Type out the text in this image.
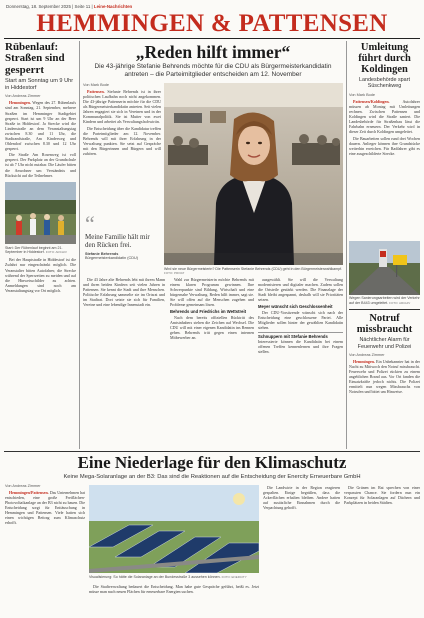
Donnerstag, 18. September 2025 | Seite 11 | Leine-Nachrichten
HEMMINGEN & PATTENSEN
Rübenlauf: Straßen sind gesperrt
Start am Sonntag um 9 Uhr in Hiddestorf
Von Andreas Zimmer

Hemmingen. Wegen des 27. Rübenlaufs sind am Sonntag, 21. September, mehrere Straßen im Hemminger Stadtgebiet gesperrt. Start ist um 9 Uhr an der Beer Straße in Hiddestorf. Ja Strecke wird die Lindenstraße an dem Veranstaltungstag zwischen 8.30 und 11 Uhr, die Stadtrandstraße, Am Kinderweg und Ohlendorf zwischen 8.30 und 12 Uhr gesperrt.

Die Straße Am Rosenweg ist voll gesperrt. Der Parkplatz an der Grundschule ist ab 7 Uhr nicht nutzbar. Die Läufer bitten die Anwohner um Verständnis und Rücksicht auf die Teilnehmer.

Start: Der Rübenlauf beginnt am 21. September in Hiddestorf. FOTO: ARCHIV

Bei der Hauptstraße in Hiddestorf ist die Zufahrt nur eingeschränkt möglich. Die Veranstalter bitten Autofahrer, die Strecke während der Sperrzeiten zu meiden und auf die Hinweisschilder zu achten. Anmeldungen sind noch am Veranstaltungstag vor Ort möglich.

„Reden hilft immer“
Die 43-jährige Stefanie Behrends möchte für die CDU als Bürgermeisterkandidatin antreten – die Parteimitglieder entscheiden am 12. November
Von Mark Bode

Pattensen. Stefanie Behrends ist in ihrer politischen Laufbahn noch nicht angekommen. Die 43-jährige Pattenserin möchte für die CDU als Bürgermeisterkandidatin antreten. Seit vielen Jahren engagiert sie sich in Vereinen und in der Kommunalpolitik. Sie ist Mutter von zwei Kindern und arbeitet als Verwaltungsfachwirtin.

Die Entscheidung über die Kandidatur treffen die Parteimitglieder am 12. November. Behrends will mit ihrer Erfahrung in der Verwaltung punkten. Sie setzt auf Gespräche mit den Bürgerinnen und Bürgern und will zuhören.

“
Meine Familie hält mir den Rücken frei.
Stefanie Behrends
Bürgermeisterkandidatin (CDU)
Wird sie neue Bürgermeisterin? Die Pattenserin Stefanie Behrends (CDU) geht in den Bürgermeisterwahlkampf. FOTO: PRIVAT

Die 43 Jahre alte Behrends lebt mit ihrem Mann und ihren beiden Kindern seit vielen Jahren in Pattensen. Sie kennt die Stadt und ihre Menschen. Politische Erfahrung sammelte sie im Ortsrat und im Stadtrat. Dort setzte sie sich für Familien, Vereine und eine lebendige Innenstadt ein.

Wahl zur Bürgermeisterin möchte Behrends mit einem klaren Programm gewinnen. Ihre Schwerpunkte sind Bildung, Wirtschaft und eine bürgernahe Verwaltung. Reden hilft immer, sagt sie. Sie will offen auf die Menschen zugehen und Probleme gemeinsam lösen.

Behrends und Friedrichs im Wettstreit

Nach dem bereits offiziellen Rücktritt des Amtsinhabers stehen die Zeichen auf Wechsel. Die CDU will mit einer eigenen Kandidatin ins Rennen gehen. Behrends tritt gegen einen internen Mitbewerber an.

ausgewählt. Sie will die Verwaltung modernisieren und digitaler machen. Zudem sollen die Ortsteile gestärkt werden. Die Finanzlage der Stadt bleibt angespannt, deshalb will sie Prioritäten setzen.

Meyer wünscht sich Geschlossenheit

Der CDU-Vorsitzende wünscht sich nach der Entscheidung eine geschlossene Partei. Alle Mitglieder sollen hinter der gewählten Kandidatin stehen.

Schnuppern mit Stefanie Behrends

Interessierte können die Kandidatin bei einem offenen Treffen kennenlernen und ihre Fragen stellen.

Umleitung führt durch Koldingen
Landesbehörde spart Süschenkweg
Von Mark Bode

Pattensen/Koldingen.	Autofahrer müssen ab Montag mit Umleitungen rechnen. Zwischen Pattensen und Koldingen wird die Straße saniert. Die Landesbehörde für Straßenbau lässt die Fahrbahn erneuern. Der Verkehr wird in dieser Zeit durch Koldingen umgeleitet.

Die Bauarbeiten sollen rund drei Wochen dauern. Anlieger können ihre Grundstücke weiterhin erreichen. Für Radfahrer gibt es eine ausgeschilderte Strecke.

Wegen Sanierungsarbeiten wird der Verkehr auf der B443 umgeleitet. FOTO: ARCHIV
Notruf missbraucht
Nächtlicher Alarm für Feuerwehr und Polizei
Von Andreas Zimmer

Hemmingen. Ein Unbekannter hat in der Nacht zu Mittwoch den Notruf missbraucht. Feuerwehr und Polizei rückten zu einem angeblichen Brand aus. Vor Ort fanden die Einsatzkräfte jedoch nichts. Die Polizei ermittelt nun wegen Missbrauchs von Notrufen und bittet um Hinweise.

Eine Niederlage für den Klimaschutz
Keine Mega-Solaranlage an der B3: Das sind die Reaktionen auf die Entscheidung der Enercity Erneuerbare GmbH
Von Andreas Zimmer

Hemmingen/Pattensen. Das Unternehmen hat entschieden, eine große Freiflächen-Photovoltaikanlage an der B3 nicht zu bauen. Die Entscheidung sorgt für Enttäuschung in Hemmingen und Pattensen. Viele hatten sich einen wichtigen Beitrag zum Klimaschutz erhofft.

Visualisierung: So hätte die Solaranlage an der Bundesstraße 3 aussehen können. FOTO: ENERCITY

Die Stadtverwaltung bedauert die Entscheidung. Man habe gute Gespräche geführt, heißt es. Jetzt müsse man nach neuen Flächen für erneuerbare Energien suchen.

Die Landwirte in der Region reagieren gespalten. Einige begrüßen, dass die Ackerflächen erhalten bleiben. Andere hatten auf zusätzliche Einnahmen durch die Verpachtung gehofft.

Die Grünen im Rat sprechen von einer verpassten Chance. Sie fordern nun ein Konzept für Solaranlagen auf Dächern und Parkplätzen in beiden Städten.
